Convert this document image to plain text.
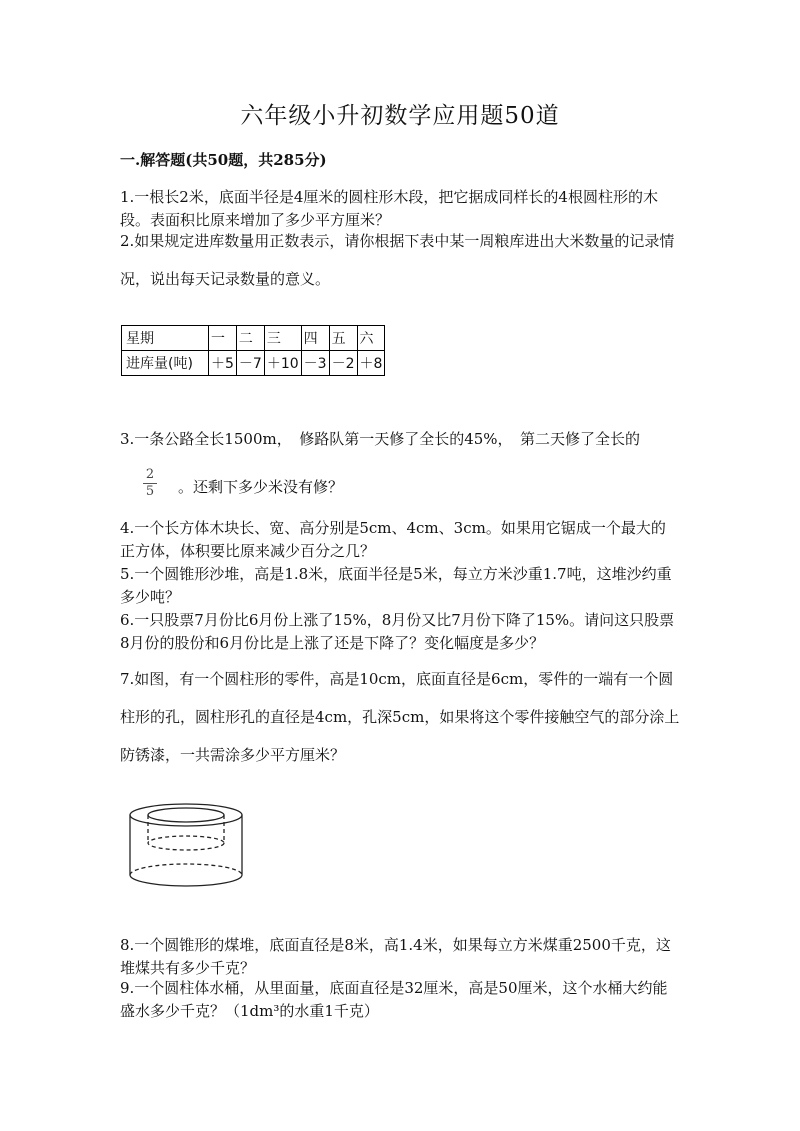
六年级小升初数学应用题50道
一.解答题(共50题，共285分)

1.一根长2米，底面半径是4厘米的圆柱形木段，把它据成同样长的4根圆柱形的木段。表面积比原来增加了多少平方厘米？

2.如果规定进库数量用正数表示，请你根据下表中某一周粮库进出大米数量的记录情况，说出每天记录数量的意义。

星期	一	二	三	四	五	六
进库量(吨)	＋5	－7	＋10	－3	－2	＋8

3.一条公路全长1500m，　修路队第一天修了全长的45%，　第二天修了全长的

2
5 。还剩下多少米没有修？

4.一个长方体木块长、宽、高分别是5cm、4cm、3cm。如果用它锯成一个最大的正方体，体积要比原来减少百分之几？

5.一个圆锥形沙堆，高是1.8米，底面半径是5米，每立方米沙重1.7吨，这堆沙约重多少吨？

6.一只股票7月份比6月份上涨了15%，8月份又比7月份下降了15%。请问这只股票8月份的股份和6月份比是上涨了还是下降了？变化幅度是多少？

7.如图，有一个圆柱形的零件，高是10cm，底面直径是6cm，零件的一端有一个圆柱形的孔，圆柱形孔的直径是4cm，孔深5cm，如果将这个零件接触空气的部分涂上防锈漆，一共需涂多少平方厘米？

8.一个圆锥形的煤堆，底面直径是8米，高1.4米，如果每立方米煤重2500千克，这堆煤共有多少千克？

9.一个圆柱体水桶，从里面量，底面直径是32厘米，高是50厘米，这个水桶大约能盛水多少千克？（1dm³的水重1千克）
